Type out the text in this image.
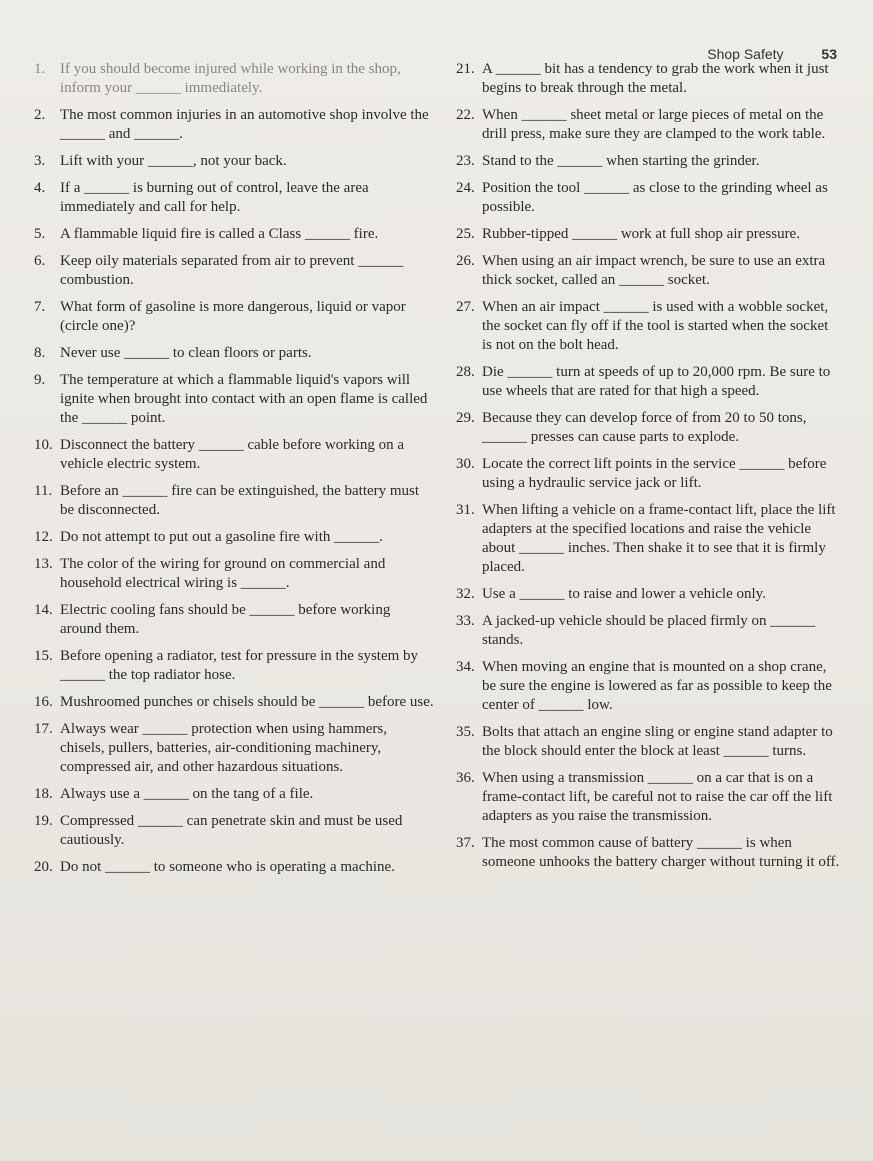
Shop Safety	53
1. If you should become injured while working in the shop, inform your ______ immediately.
2. The most common injuries in an automotive shop involve the ______ and ______.
3. Lift with your ______, not your back.
4. If a ______ is burning out of control, leave the area immediately and call for help.
5. A flammable liquid fire is called a Class ______ fire.
6. Keep oily materials separated from air to prevent ______ combustion.
7. What form of gasoline is more dangerous, liquid or vapor (circle one)?
8. Never use ______ to clean floors or parts.
9. The temperature at which a flammable liquid's vapors will ignite when brought into contact with an open flame is called the ______ point.
10. Disconnect the battery ______ cable before working on a vehicle electric system.
11. Before an ______ fire can be extinguished, the battery must be disconnected.
12. Do not attempt to put out a gasoline fire with ______.
13. The color of the wiring for ground on commercial and household electrical wiring is ______.
14. Electric cooling fans should be ______ before working around them.
15. Before opening a radiator, test for pressure in the system by ______ the top radiator hose.
16. Mushroomed punches or chisels should be ______ before use.
17. Always wear ______ protection when using hammers, chisels, pullers, batteries, air-conditioning machinery, compressed air, and other hazardous situations.
18. Always use a ______ on the tang of a file.
19. Compressed ______ can penetrate skin and must be used cautiously.
20. Do not ______ to someone who is operating a machine.
21. A ______ bit has a tendency to grab the work when it just begins to break through the metal.
22. When ______ sheet metal or large pieces of metal on the drill press, make sure they are clamped to the work table.
23. Stand to the ______ when starting the grinder.
24. Position the tool ______ as close to the grinding wheel as possible.
25. Rubber-tipped ______ work at full shop air pressure.
26. When using an air impact wrench, be sure to use an extra thick socket, called an ______ socket.
27. When an air impact ______ is used with a wobble socket, the socket can fly off if the tool is started when the socket is not on the bolt head.
28. Die ______ turn at speeds of up to 20,000 rpm. Be sure to use wheels that are rated for that high a speed.
29. Because they can develop force of from 20 to 50 tons, ______ presses can cause parts to explode.
30. Locate the correct lift points in the service ______ before using a hydraulic service jack or lift.
31. When lifting a vehicle on a frame-contact lift, place the lift adapters at the specified locations and raise the vehicle about ______ inches. Then shake it to see that it is firmly placed.
32. Use a ______ to raise and lower a vehicle only.
33. A jacked-up vehicle should be placed firmly on ______ stands.
34. When moving an engine that is mounted on a shop crane, be sure the engine is lowered as far as possible to keep the center of ______ low.
35. Bolts that attach an engine sling or engine stand adapter to the block should enter the block at least ______ turns.
36. When using a transmission ______ on a car that is on a frame-contact lift, be careful not to raise the car off the lift adapters as you raise the transmission.
37. The most common cause of battery ______ is when someone unhooks the battery charger without turning it off.
